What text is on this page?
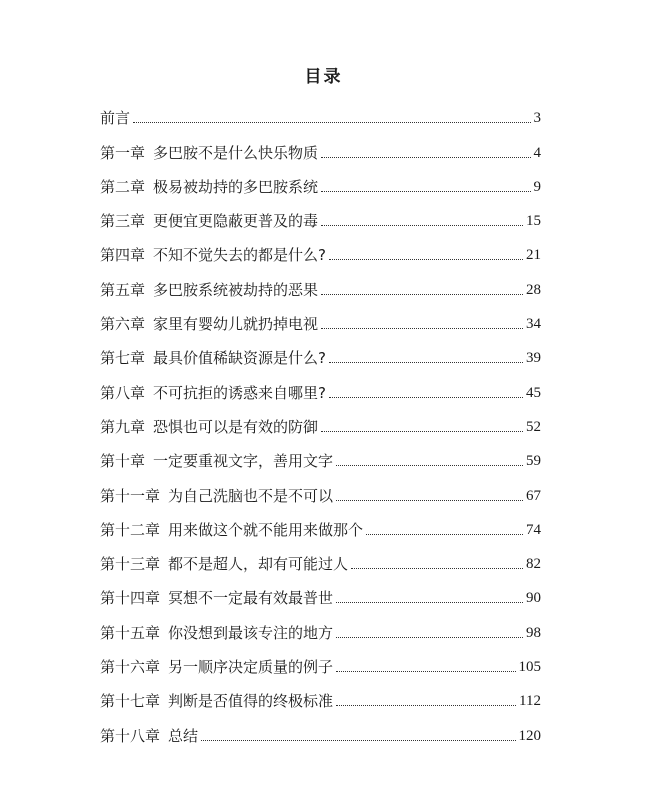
目录
前言	3
第一章 多巴胺不是什么快乐物质	4
第二章 极易被劫持的多巴胺系统	9
第三章 更便宜更隐蔽更普及的毒	15
第四章 不知不觉失去的都是什么?	21
第五章 多巴胺系统被劫持的恶果	28
第六章 家里有婴幼儿就扔掉电视	34
第七章 最具价值稀缺资源是什么?	39
第八章 不可抗拒的诱惑来自哪里?	45
第九章 恐惧也可以是有效的防御	52
第十章 一定要重视文字，善用文字	59
第十一章 为自己洗脑也不是不可以	67
第十二章 用来做这个就不能用来做那个	74
第十三章 都不是超人，却有可能过人	82
第十四章 冥想不一定最有效最普世	90
第十五章 你没想到最该专注的地方	98
第十六章 另一顺序决定质量的例子	105
第十七章 判断是否值得的终极标准	112
第十八章 总结	120
